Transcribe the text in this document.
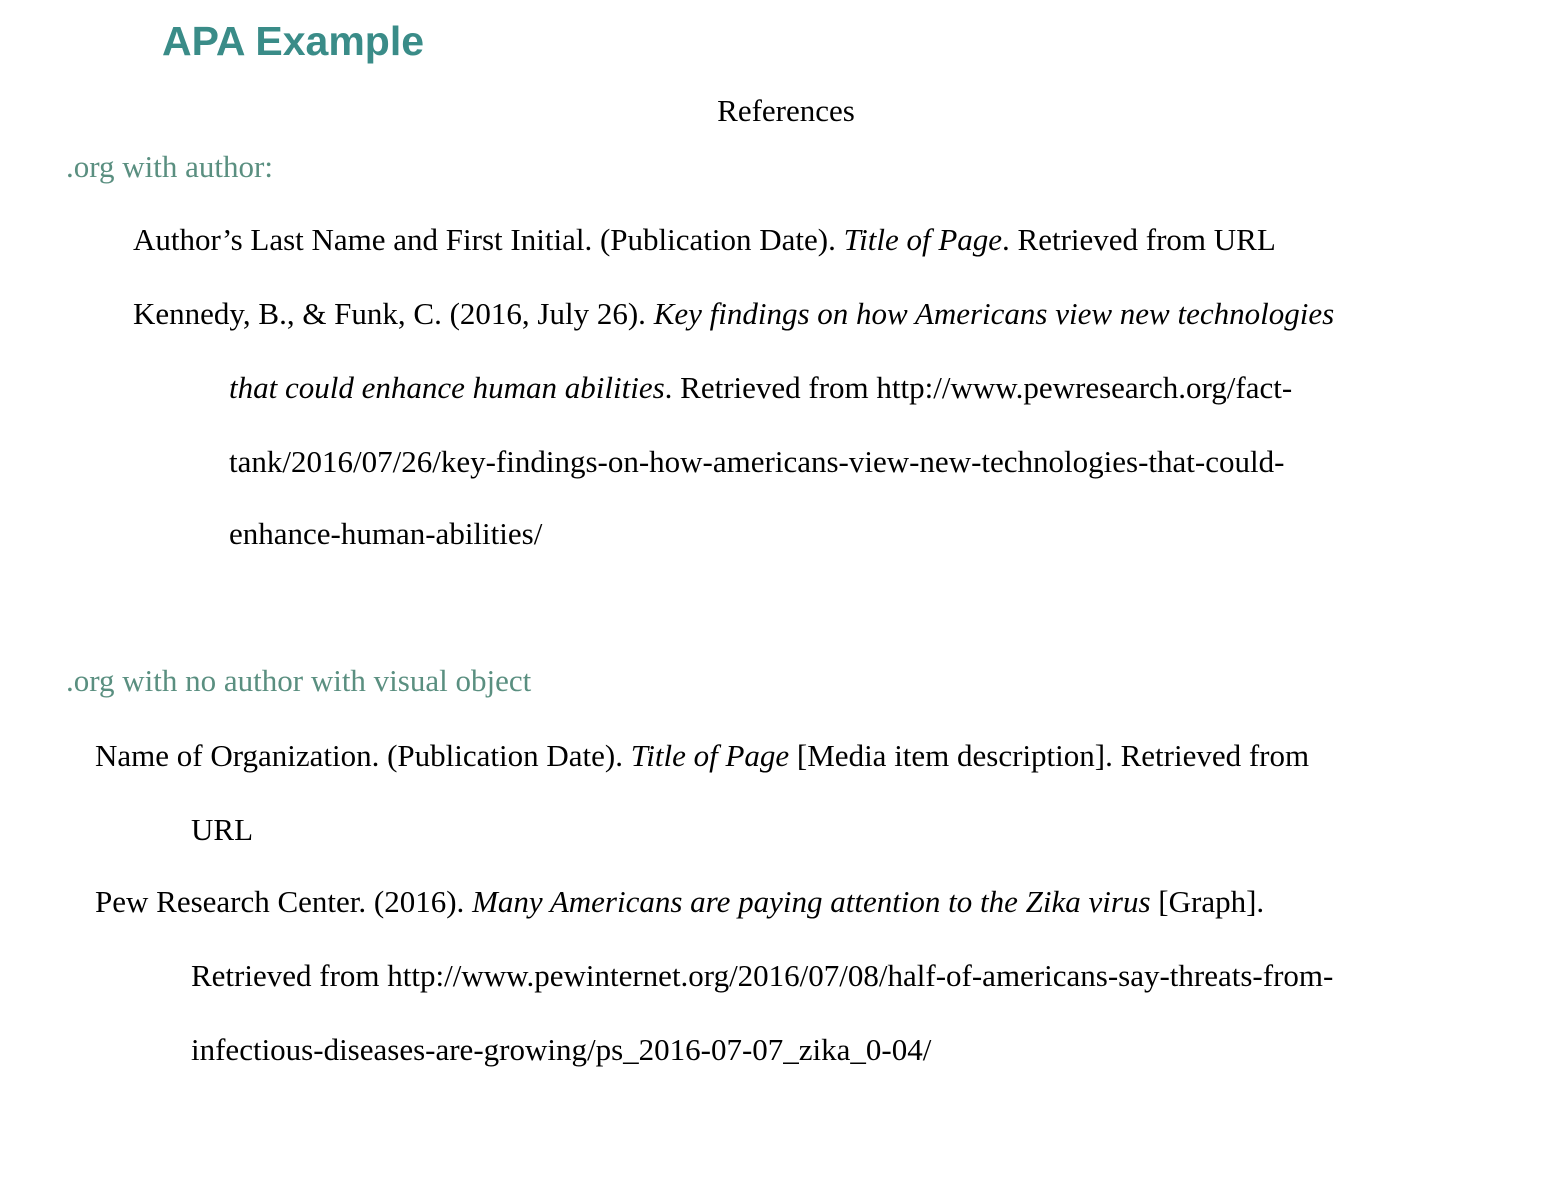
APA Example
References
.org with author:
Author’s Last Name and First Initial. (Publication Date). Title of Page. Retrieved from URL
Kennedy, B., & Funk, C. (2016, July 26). Key findings on how Americans view new technologies
that could enhance human abilities. Retrieved from http://www.pewresearch.org/fact-
tank/2016/07/26/key-findings-on-how-americans-view-new-technologies-that-could-
enhance-human-abilities/
.org with no author with visual object
Name of Organization. (Publication Date). Title of Page [Media item description]. Retrieved from
URL
Pew Research Center. (2016). Many Americans are paying attention to the Zika virus [Graph].
Retrieved from http://www.pewinternet.org/2016/07/08/half-of-americans-say-threats-from-
infectious-diseases-are-growing/ps_2016-07-07_zika_0-04/
